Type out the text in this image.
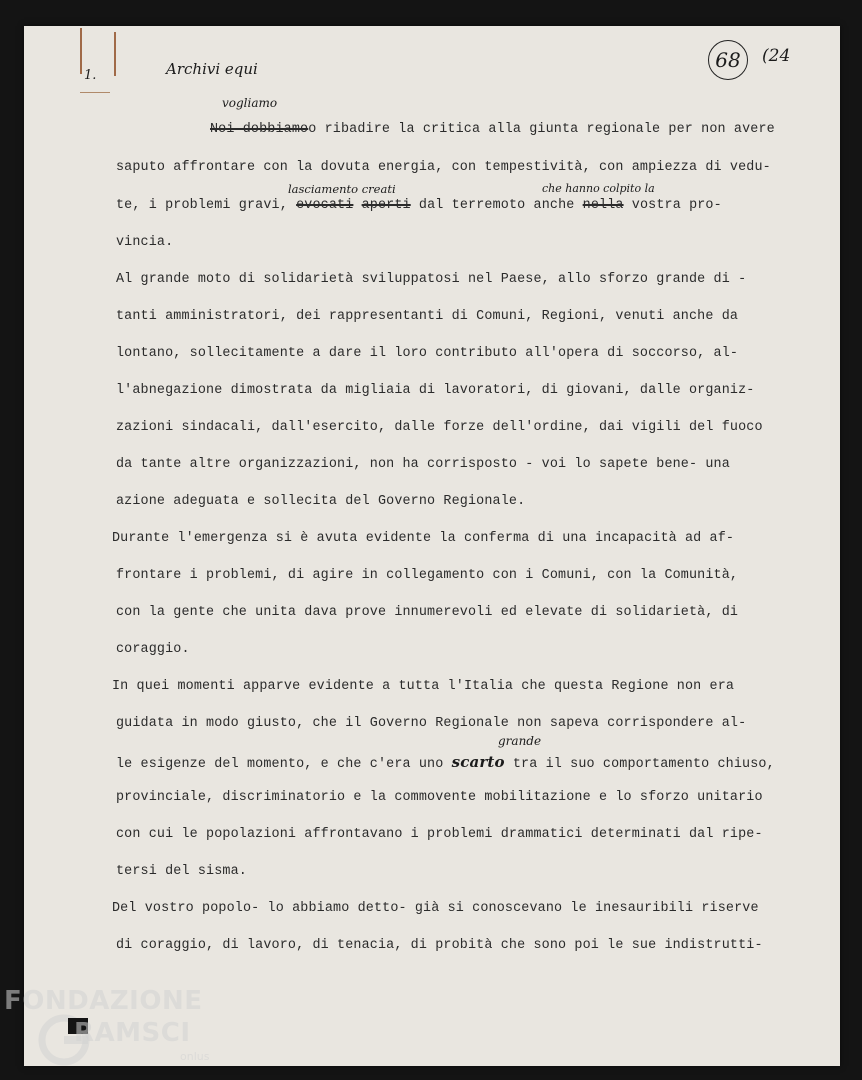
1.
68	(24
Archivi equi
vogliamo
Noi dobbiamoo ribadire la critica alla giunta regionale per non avere
saputo affrontare con la dovuta energia, con tempestività, con ampiezza di vedu-
lasciamento creati	che hanno colpito la
te, i problemi gravi, evocati aperti dal terremoto anche nella vostra pro-
vincia.
Al grande moto di solidarietà sviluppatosi nel Paese, allo sforzo grande di -
tanti amministratori, dei rappresentanti di Comuni, Regioni, venuti anche da
lontano, sollecitamente a dare il loro contributo all'opera di soccorso, al-
l'abnegazione dimostrata da migliaia di lavoratori, di giovani, dalle organiz-
zazioni sindacali, dall'esercito, dalle forze dell'ordine, dai vigili del fuoco
da tante altre organizzazioni, non ha corrisposto - voi lo sapete bene- una
azione adeguata e sollecita del Governo Regionale.
Durante l'emergenza si è avuta evidente la conferma di una incapacità ad af-
frontare i problemi, di agire in collegamento con i Comuni, con la Comunità,
con la gente che unita dava prove innumerevoli ed elevate di solidarietà, di
coraggio.
In quei momenti apparve evidente a tutta l'Italia che questa Regione non era
guidata in modo giusto, che il Governo Regionale non sapeva corrispondere al-
grande
le esigenze del momento, e che c'era uno scarto tra il suo comportamento chiuso,
provinciale, discriminatorio e la commovente mobilitazione e lo sforzo unitario
con cui le popolazioni affrontavano i problemi drammatici determinati dal ripe-
tersi del sisma.
Del vostro popolo- lo abbiamo detto- già si conoscevano le inesauribili riserve
di coraggio, di lavoro, di tenacia, di probità che sono poi le sue indistrutti-
FONDAZIONE
RAMSCI
onlus
